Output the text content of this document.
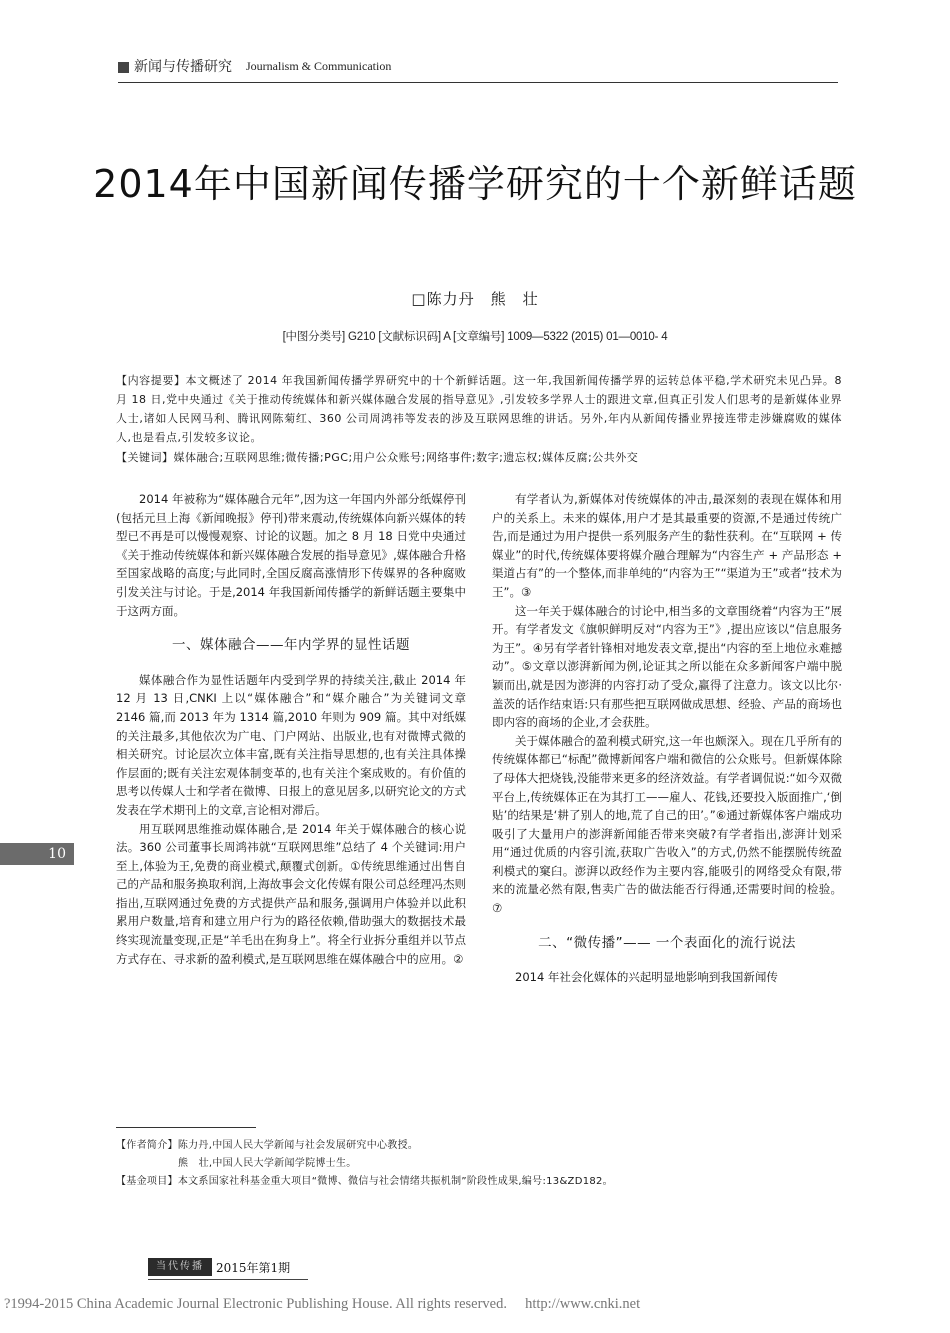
新闻与传播研究 Journalism & Communication
2014年中国新闻传播学研究的十个新鲜话题
□陈力丹　熊　壮
[中图分类号] G210 [文献标识码] A [文章编号] 1009—5322 (2015) 01—0010- 4
【内容提要】本文概述了 2014 年我国新闻传播学界研究中的十个新鲜话题。这一年,我国新闻传播学界的运转总体平稳,学术研究未见凸异。8 月 18 日,党中央通过《关于推动传统媒体和新兴媒体融合发展的指导意见》,引发较多学界人士的跟进文章,但真正引发人们思考的是新媒体业界人士,诸如人民网马利、腾讯网陈菊红、360 公司周鸿祎等发表的涉及互联网思维的讲话。另外,年内从新闻传播业界接连带走涉嫌腐败的媒体人,也是看点,引发较多议论。
【关键词】媒体融合;互联网思维;微传播;PGC;用户公众账号;网络事件;数字;遗忘权;媒体反腐;公共外交

2014 年被称为“媒体融合元年”,因为这一年国内外部分纸媒停刊(包括元旦上海《新闻晚报》停刊)带来震动,传统媒体向新兴媒体的转型已不再是可以慢慢观察、讨论的议题。加之 8 月 18 日党中央通过《关于推动传统媒体和新兴媒体融合发展的指导意见》,媒体融合升格至国家战略的高度;与此同时,全国反腐高涨情形下传媒界的各种腐败引发关注与讨论。于是,2014 年我国新闻传播学的新鲜话题主要集中于这两方面。

一、媒体融合——年内学界的显性话题

媒体融合作为显性话题年内受到学界的持续关注,截止 2014 年 12 月 13 日,CNKI 上以“媒体融合”和“媒介融合”为关键词文章 2146 篇,而 2013 年为 1314 篇,2010 年则为 909 篇。其中对纸媒的关注最多,其他依次为广电、门户网站、出版业,也有对微博式微的相关研究。讨论层次立体丰富,既有关注指导思想的,也有关注具体操作层面的;既有关注宏观体制变革的,也有关注个案成败的。有价值的思考以传媒人士和学者在微博、日报上的意见居多,以研究论文的方式发表在学术期刊上的文章,言论相对滞后。

用互联网思维推动媒体融合,是 2014 年关于媒体融合的核心说法。360 公司董事长周鸿祎就“互联网思维”总结了 4 个关键词:用户至上,体验为王,免费的商业模式,颠覆式创新。①传统思维通过出售自己的产品和服务换取利润,上海故事会文化传媒有限公司总经理冯杰则指出,互联网通过免费的方式提供产品和服务,强调用户体验并以此积累用户数量,培育和建立用户行为的路径依赖,借助强大的数据技术最终实现流量变现,正是“羊毛出在狗身上”。将全行业拆分重组并以节点方式存在、寻求新的盈利模式,是互联网思维在媒体融合中的应用。②

有学者认为,新媒体对传统媒体的冲击,最深刻的表现在媒体和用户的关系上。未来的媒体,用户才是其最重要的资源,不是通过传统广告,而是通过为用户提供一系列服务产生的黏性获利。在“互联网 + 传媒业”的时代,传统媒体要将媒介融合理解为“内容生产 + 产品形态 + 渠道占有”的一个整体,而非单纯的“内容为王”“渠道为王”或者“技术为王”。③

这一年关于媒体融合的讨论中,相当多的文章围绕着“内容为王”展开。有学者发文《旗帜鲜明反对“内容为王”》,提出应该以“信息服务为王”。④另有学者针锋相对地发表文章,提出“内容的至上地位永难撼动”。⑤文章以澎湃新闻为例,论证其之所以能在众多新闻客户端中脱颖而出,就是因为澎湃的内容打动了受众,赢得了注意力。该文以比尔·盖茨的话作结束语:只有那些把互联网做成思想、经验、产品的商场也即内容的商场的企业,才会获胜。

关于媒体融合的盈利模式研究,这一年也颇深入。现在几乎所有的传统媒体都已“标配”微博新闻客户端和微信的公众账号。但新媒体除了母体大把烧钱,没能带来更多的经济效益。有学者调侃说:“如今双微平台上,传统媒体正在为其打工——雇人、花钱,还要投入版面推广,‘倒贴’的结果是‘耕了别人的地,荒了自己的田’。”⑥通过新媒体客户端成功吸引了大量用户的澎湃新闻能否带来突破?有学者指出,澎湃计划采用“通过优质的内容引流,获取广告收入”的方式,仍然不能摆脱传统盈利模式的窠臼。澎湃以政经作为主要内容,能吸引的网络受众有限,带来的流量必然有限,售卖广告的做法能否行得通,还需要时间的检验。⑦

二、“微传播”—— 一个表面化的流行说法

2014 年社会化媒体的兴起明显地影响到我国新闻传

10
【作者简介】陈力丹,中国人民大学新闻与社会发展研究中心教授。
熊　壮,中国人民大学新闻学院博士生。
【基金项目】本文系国家社科基金重大项目“微博、微信与社会情绪共振机制”阶段性成果,编号:13&ZD182。
当代传播	2015年第1期
?1994-2015 China Academic Journal Electronic Publishing House. All rights reserved.　 http://www.cnki.net
